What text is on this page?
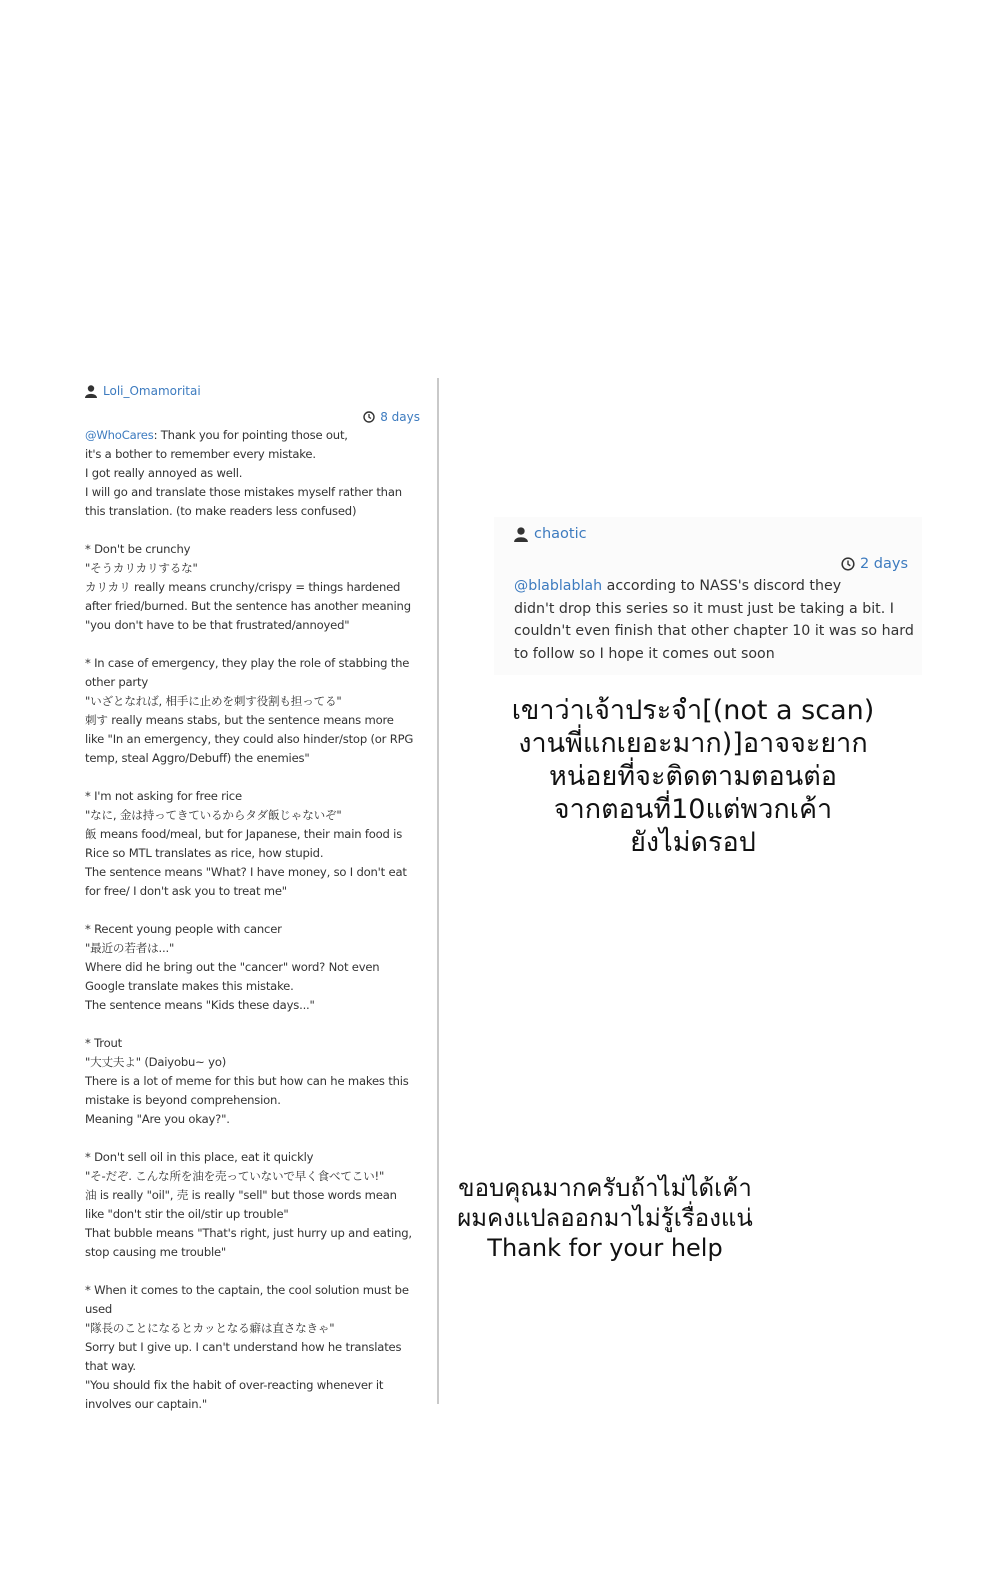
Loli_Omamoritai
8 days
@WhoCares: Thank you for pointing those out,
it's a bother to remember every mistake.
I got really annoyed as well.
I will go and translate those mistakes myself rather than
this translation. (to make readers less confused)
* Don't be crunchy
"そうカリカリするな"
カリカリ really means crunchy/crispy = things hardened
after fried/burned. But the sentence has another meaning
"you don't have to be that frustrated/annoyed"
* In case of emergency, they play the role of stabbing the
other party
"いざとなれば, 相手に止めを刺す役割も担ってる"
刺す really means stabs, but the sentence means more
like "In an emergency, they could also hinder/stop (or RPG
temp, steal Aggro/Debuff) the enemies"
* I'm not asking for free rice
"なに, 金は持ってきているからタダ飯じゃないぞ"
飯 means food/meal, but for Japanese, their main food is
Rice so MTL translates as rice, how stupid.
The sentence means "What? I have money, so I don't eat
for free/ I don't ask you to treat me"
* Recent young people with cancer
"最近の若者は..."
Where did he bring out the "cancer" word? Not even
Google translate makes this mistake.
The sentence means "Kids these days..."
* Trout
"大丈夫よ" (Daiyobu~ yo)
There is a lot of meme for this but how can he makes this
mistake is beyond comprehension.
Meaning "Are you okay?".
* Don't sell oil in this place, eat it quickly
"そ-だぞ. こんな所を油を売っていないで早く食べてこい!"
油 is really "oil", 売 is really "sell" but those words mean
like "don't stir the oil/stir up trouble"
That bubble means "That's right, just hurry up and eating,
stop causing me trouble"
* When it comes to the captain, the cool solution must be
used
"隊長のことになるとカッとなる癖は直さなきゃ"
Sorry but I give up. I can't understand how he translates
that way.
"You should fix the habit of over-reacting whenever it
involves our captain."
chaotic
2 days
@blablablah according to NASS's discord they
didn't drop this series so it must just be taking a bit. I
couldn't even finish that other chapter 10 it was so hard
to follow so I hope it comes out soon
เขาว่าเจ้าประจำ[(not a scan)
งานพี่แกเยอะมาก)]อาจจะยาก
หน่อยที่จะติดตามตอนต่อ
จากตอนที่10แต่พวกเค้า
ยังไม่ดรอป
ขอบคุณมากครับถ้าไม่ได้เค้า
ผมคงแปลออกมาไม่รู้เรื่องแน่
Thank for your help
